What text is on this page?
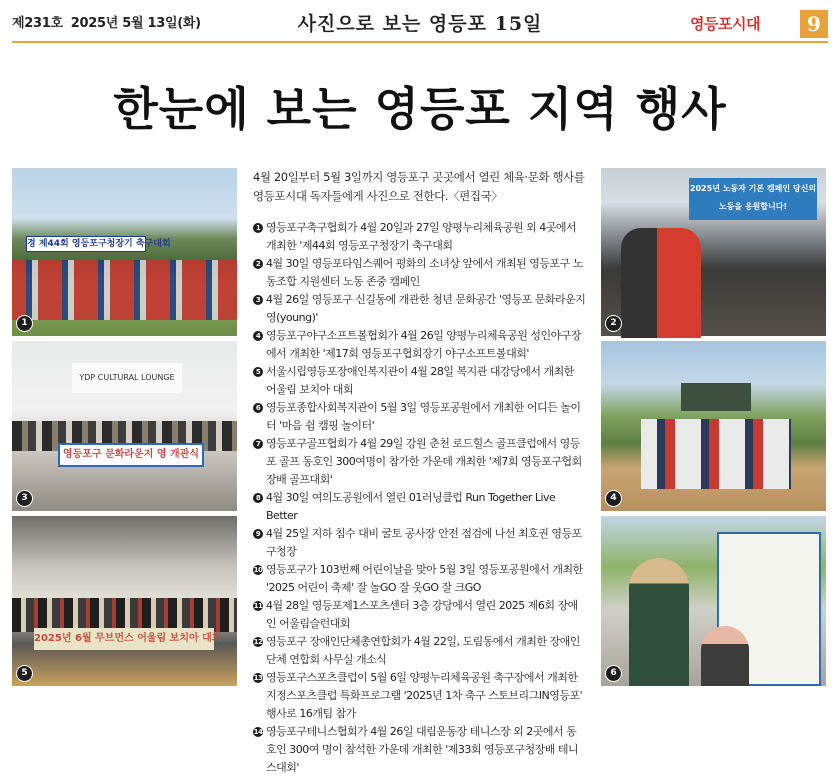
제231호 2025년 5월 13일(화)	사진으로 보는 영등포 15일	영등포시대	9
한눈에 보는 영등포 지역 행사
경 제44회 영등포구청장기 축구대회
1
2025년 노동자 기본 캠페인 당신의 노동을 응원합니다!
2
YDP CULTURAL LOUNGE
영등포구 문화라운지 영 개관식
3	4
2025년 6월 무브먼스 어울림 보치아 대회
5	6
4월 20일부터 5월 3일까지 영등포구 곳곳에서 열린 체육·문화 행사를 영등포시대 독자들에게 사진으로 전한다.〈편집국〉
1 영등포구축구협회가 4월 20일과 27일 양평누리체육공원 외 4곳에서 개최한 '제44회 영등포구청장기 축구대회
2 4월 30일 영등포타임스퀘어 평화의 소녀상 앞에서 개최된 영등포구 노동조합 지원센터 노동 존중 캠페인
3 4월 26일 영등포구 신길동에 개관한 청년 문화공간 '영등포 문화라운지 영(young)'
4 영등포구야구소프트볼협회가 4월 26일 양평누리체육공원 성인야구장에서 개최한 '제17회 영등포구협회장기 야구소프트볼대회'
5 서울시립영등포장애인복지관이 4월 28일 복지관 대강당에서 개최한 어울림 보치아 대회
6 영등포종합사회복지관이 5월 3일 영등포공원에서 개최한 어디든 놀이터 '마음 쉼 캠핑 놀이터'
7 영등포구골프협회가 4월 29일 강원 춘천 로드힐스 골프클럽에서 영등포 골프 동호인 300여명이 참가한 가운데 개최한 '제7회 영등포구협회장배 골프대회'
8 4월 30일 여의도공원에서 열린 01러닝클럽 Run Together Live Better
9 4월 25일 지하 침수 대비 굴토 공사장 안전 점검에 나선 최호권 영등포구청장
10 영등포구가 103번째 어린이날을 맞아 5월 3일 영등포공원에서 개최한 '2025 어린이 축제' 잘 놀GO 잘 웃GO 잘 크GO
11 4월 28일 영등포제1스포츠센터 3층 강당에서 열린 2025 제6회 장애인 어울림슬런대회
12 영등포구 장애인단체총연합회가 4월 22일, 도림동에서 개최한 장애인단체 연합회 사무실 개소식
13 영등포구스포츠클럽이 5월 6일 양평누리체육공원 축구장에서 개최한 지정스포츠클럽 특화프로그램 '2025년 1차 축구 스토브리그IN영등포' 행사로 16개팀 참가
14 영등포구테니스협회가 4월 26일 대림운동장 테니스장 외 2곳에서 동호인 300여 명이 참석한 가운데 개최한 '제33회 영등포구청장배 테니스대회'
